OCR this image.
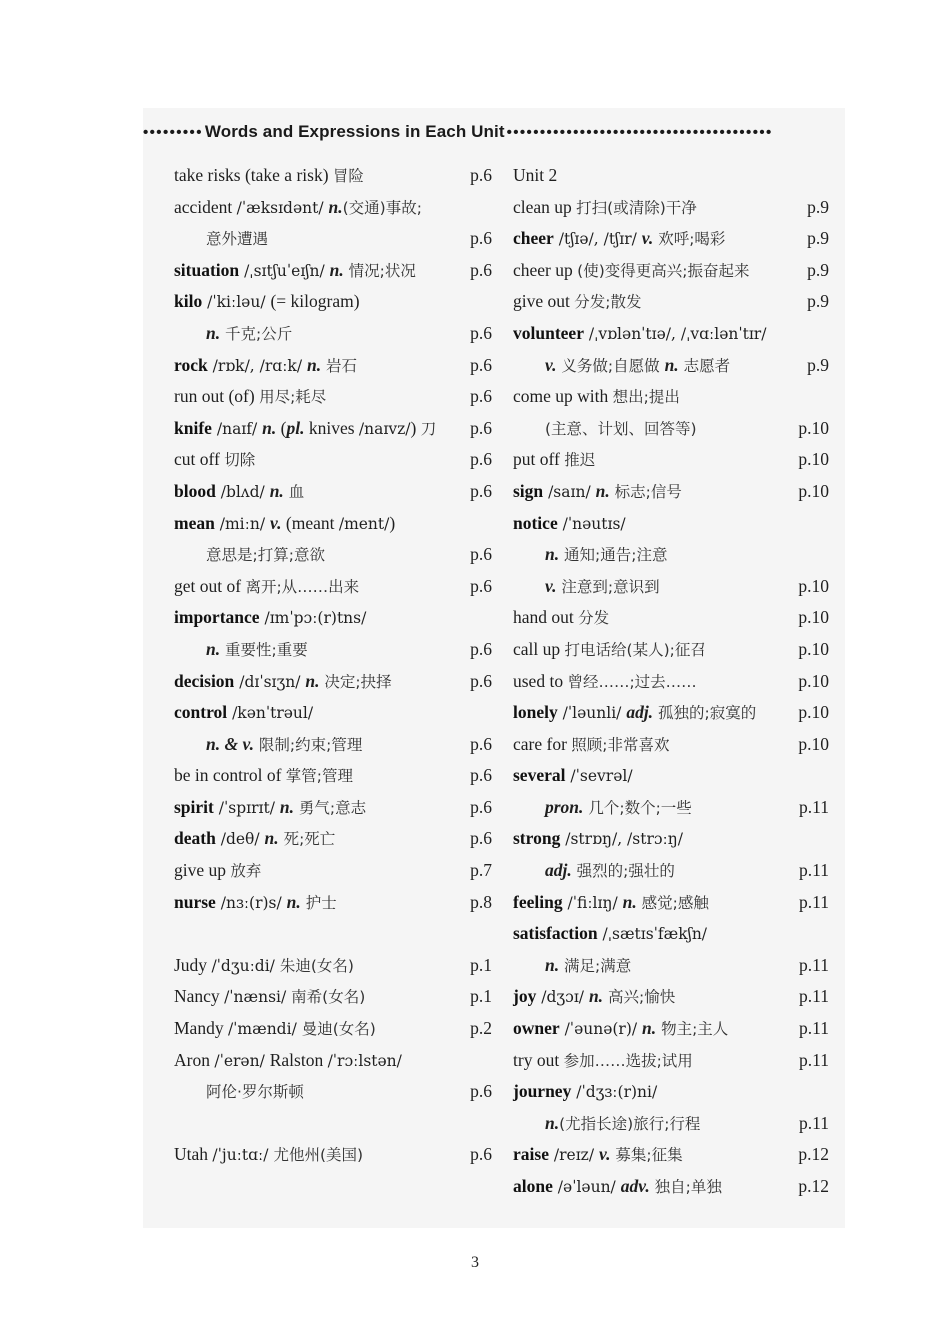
••••••••• Words and Expressions in Each Unit ••••••••••••••••••••••••••••••••••••••••
take risks (take a risk) 冒险	p.6
accident /ˈæksɪdənt/ n.(交通)事故;
意外遭遇	p.6
situation /ˌsɪtʃuˈeɪʃn/ n. 情况;状况	p.6
kilo /ˈkiːləu/ (= kilogram)
n. 千克;公斤	p.6
rock /rɒk/, /rɑːk/ n. 岩石	p.6
run out (of) 用尽;耗尽	p.6
knife /naɪf/ n. (pl. knives /naɪvz/) 刀 p.6
cut off 切除	p.6
blood /blʌd/ n. 血	p.6
mean /miːn/ v. (meant /ment/)
意思是;打算;意欲	p.6
get out of 离开;从……出来	p.6
importance /ɪmˈpɔː(r)tns/
n. 重要性;重要	p.6
decision /dɪˈsɪʒn/ n. 决定;抉择	p.6
control /kənˈtrəul/
n. & v. 限制;约束;管理	p.6
be in control of 掌管;管理	p.6
spirit /ˈspɪrɪt/ n. 勇气;意志	p.6
death /deθ/ n. 死;死亡	p.6
give up 放弃	p.7
nurse /nɜː(r)s/ n. 护士	p.8
Judy /ˈdʒuːdi/ 朱迪(女名)	p.1
Nancy /ˈnænsi/ 南希(女名)	p.1
Mandy /ˈmændi/ 曼迪(女名)	p.2
Aron /ˈerən/ Ralston /ˈrɔːlstən/
阿伦·罗尔斯顿	p.6
Utah /ˈjuːtɑː/ 尤他州(美国)	p.6
Unit 2
clean up 打扫(或清除)干净	p.9
cheer /tʃɪə/, /tʃɪr/ v. 欢呼;喝彩	p.9
cheer up (使)变得更高兴;振奋起来	p.9
give out 分发;散发	p.9
volunteer /ˌvɒlənˈtɪə/, /ˌvɑːlənˈtɪr/
v. 义务做;自愿做 n. 志愿者	p.9
come up with 想出;提出
(主意、计划、回答等)	p.10
put off 推迟	p.10
sign /saɪn/ n. 标志;信号	p.10
notice /ˈnəutɪs/
n. 通知;通告;注意
v. 注意到;意识到	p.10
hand out 分发	p.10
call up 打电话给(某人);征召	p.10
used to 曾经……;过去……	p.10
lonely /ˈləunli/ adj. 孤独的;寂寞的 p.10
care for 照顾;非常喜欢	p.10
several /ˈsevrəl/
pron. 几个;数个;一些	p.11
strong /strɒŋ/, /strɔːŋ/
adj. 强烈的;强壮的	p.11
feeling /ˈfiːlɪŋ/ n. 感觉;感触	p.11
satisfaction /ˌsætɪsˈfækʃn/
n. 满足;满意	p.11
joy /dʒɔɪ/ n. 高兴;愉快	p.11
owner /ˈəunə(r)/ n. 物主;主人	p.11
try out 参加……选拔;试用	p.11
journey /ˈdʒɜː(r)ni/
n.(尤指长途)旅行;行程	p.11
raise /reɪz/ v. 募集;征集	p.12
alone /əˈləun/ adv. 独自;单独	p.12
3
